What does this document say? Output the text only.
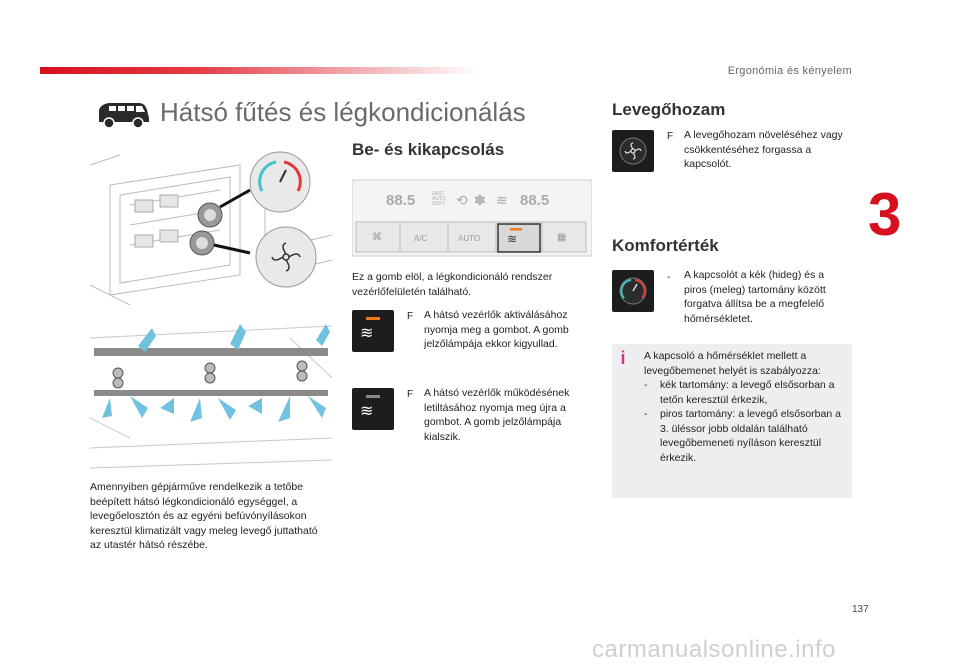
Ergonómia és kényelem
3
Hátsó fűtés és légkondicionálás
Amennyiben gépjárműve rendelkezik a tetőbe beépített hátsó légkondicionáló egységgel, a levegőelosztón és az egyéni befúvónyílásokon keresztül klimatizált vagy meleg levegő juttatható az utastér hátsó részébe.
Be- és kikapcsolás
88.5	FAST
AUTO
SOFT ⟲ ✽ ≋ 88.5
⌘	A/C	AUTO ≋	▦
Ez a gomb elöl, a légkondicionáló rendszer vezérlőfelületén található.
≋
F A hátsó vezérlők aktiválásához nyomja meg a gombot. A gomb jelzőlámpája ekkor kigyullad.
≋
F A hátsó vezérlők működésének letiltásához nyomja meg újra a gombot. A gomb jelzőlámpája kialszik.
Levegőhozam
F A levegőhozam növeléséhez vagy csökkentéséhez forgassa a kapcsolót.
Komfortérték
- A kapcsolót a kék (hideg) és a piros (meleg) tartomány között forgatva állítsa be a megfelelő hőmérsékletet.
i A kapcsoló a hőmérséklet mellett a levegőbemenet helyét is szabályozza:
-	kék tartomány: a levegő elsősorban a tetőn keresztül érkezik,
-	piros tartomány: a levegő elsősorban a 3. üléssor jobb oldalán található levegőbemeneti nyíláson keresztül érkezik.
137
carmanualsonline.info
